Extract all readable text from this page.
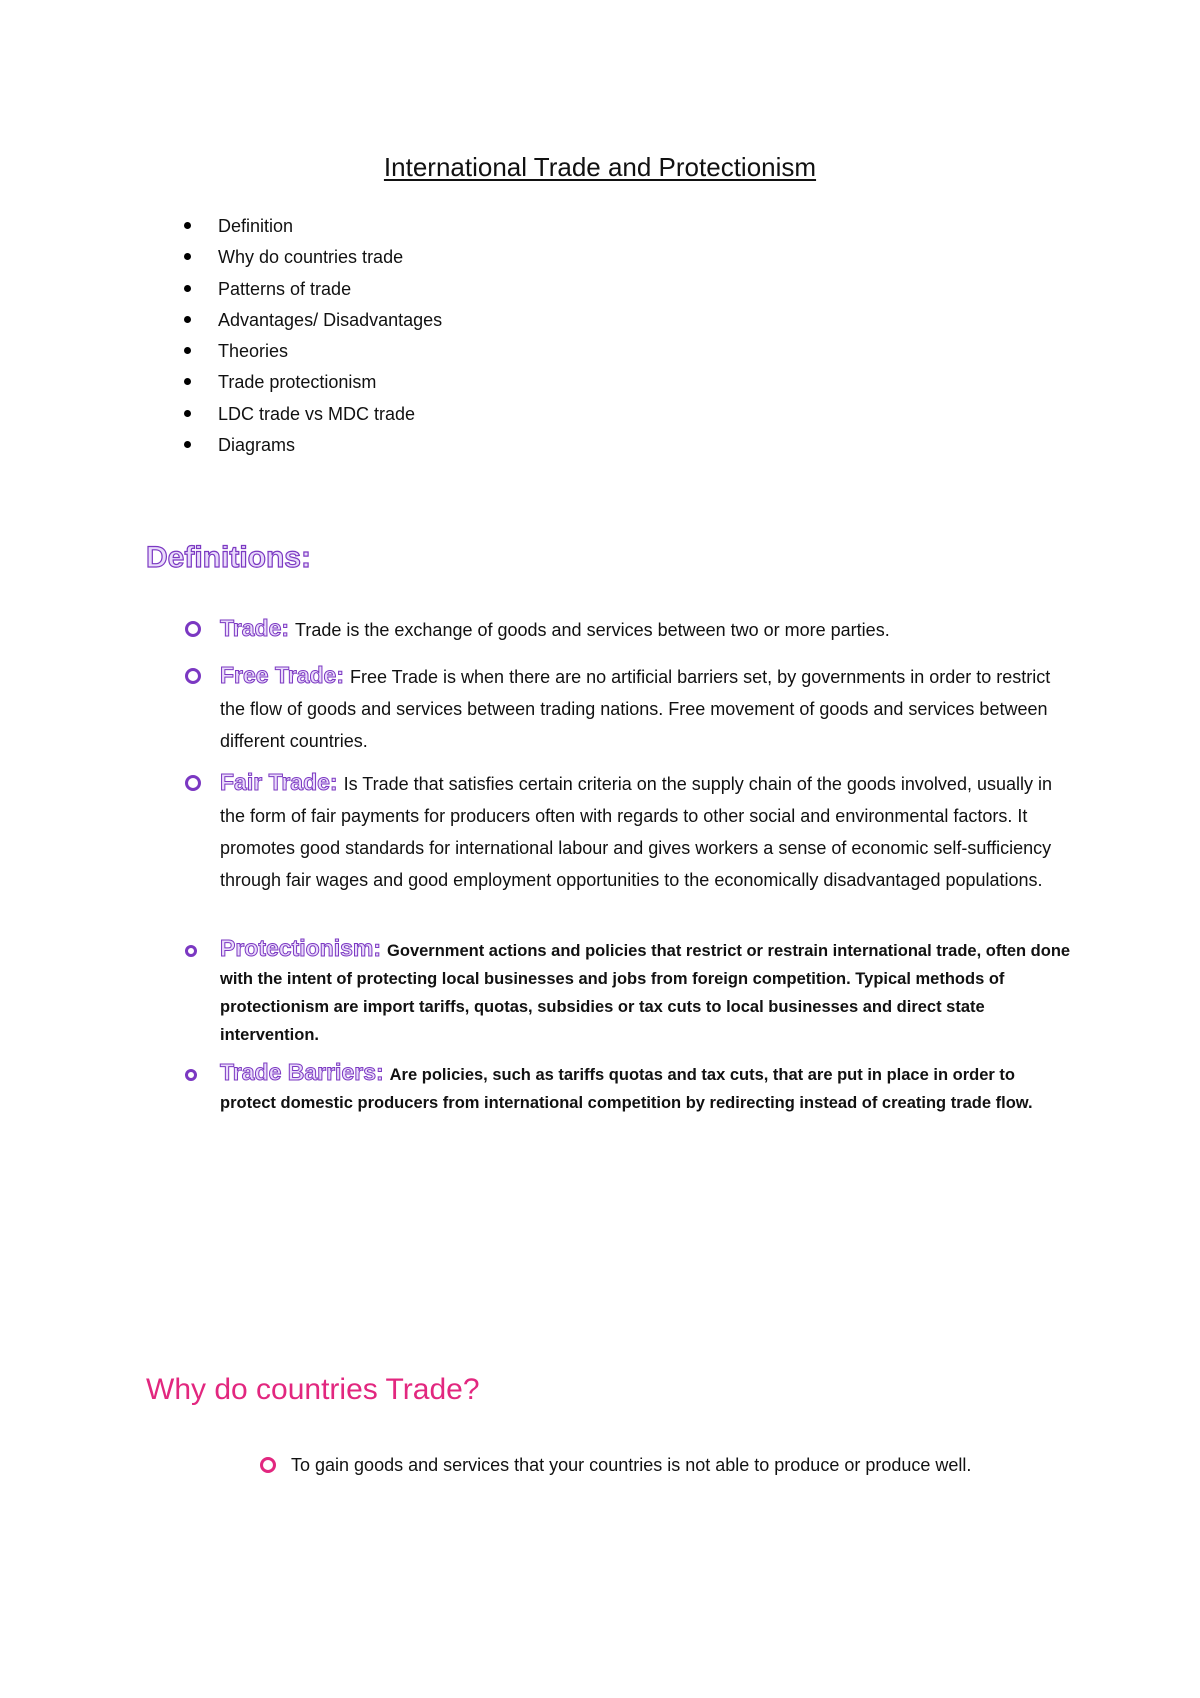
International Trade and Protectionism
Definition
Why do countries trade
Patterns of trade
Advantages/ Disadvantages
Theories
Trade protectionism
LDC trade vs MDC trade
Diagrams
Definitions:
Trade: Trade is the exchange of goods and services between two or more parties.
Free Trade: Free Trade is when there are no artificial barriers set, by governments in order to restrict the flow of goods and services between trading nations. Free movement of goods and services between different countries.
Fair Trade: Is Trade that satisfies certain criteria on the supply chain of the goods involved, usually in the form of fair payments for producers often with regards to other social and environmental factors. It promotes good standards for international labour and gives workers a sense of economic self-sufficiency through fair wages and good employment opportunities to the economically disadvantaged populations.
Protectionism: Government actions and policies that restrict or restrain international trade, often done with the intent of protecting local businesses and jobs from foreign competition. Typical methods of protectionism are import tariffs, quotas, subsidies or tax cuts to local businesses and direct state intervention.
Trade Barriers: Are policies, such as tariffs quotas and tax cuts, that are put in place in order to protect domestic producers from international competition by redirecting instead of creating trade flow.
Why do countries Trade?
To gain goods and services that your countries is not able to produce or produce well.
